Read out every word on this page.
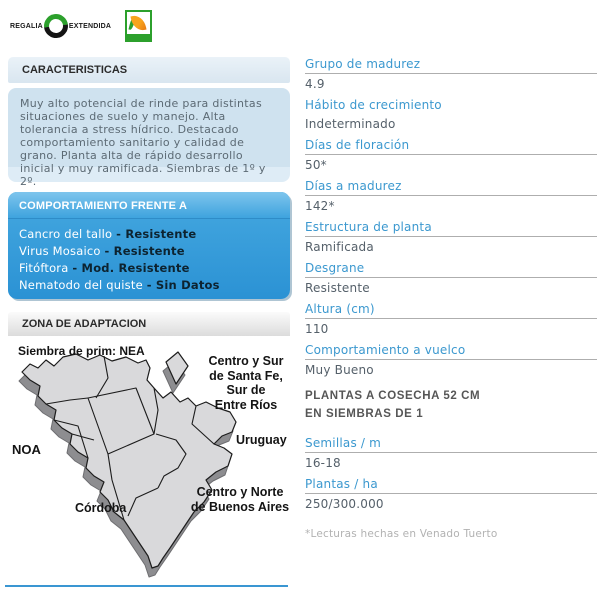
REGALIA	EXTENDIDA
CARACTERISTICAS
Muy alto potencial de rinde para distintas situaciones de suelo y manejo. Alta tolerancia a stress hídrico. Destacado comportamiento sanitario y calidad de grano. Planta alta de rápido desarrollo inicial y muy ramificada. Siembras de 1º y 2º.
COMPORTAMIENTO FRENTE A
Cancro del tallo - Resistente
Virus Mosaico - Resistente
Fitóftora - Mod. Resistente
Nematodo del quiste - Sin Datos
ZONA DE ADAPTACION
Siembra de prim: NEA
Centro y Sur
de Santa Fe,
Sur de
Entre Ríos
NOA
Uruguay
Córdoba
Centro y Norte
de Buenos Aires
Grupo de madurez
4.9
Hábito de crecimiento
Indeterminado
Días de floración
50*
Días a madurez
142*
Estructura de planta
Ramificada
Desgrane
Resistente
Altura (cm)
110
Comportamiento a vuelco
Muy Bueno
PLANTAS A COSECHA 52 CM
EN SIEMBRAS DE 1
Semillas / m
16-18
Plantas / ha
250/300.000
*Lecturas hechas en Venado Tuerto
